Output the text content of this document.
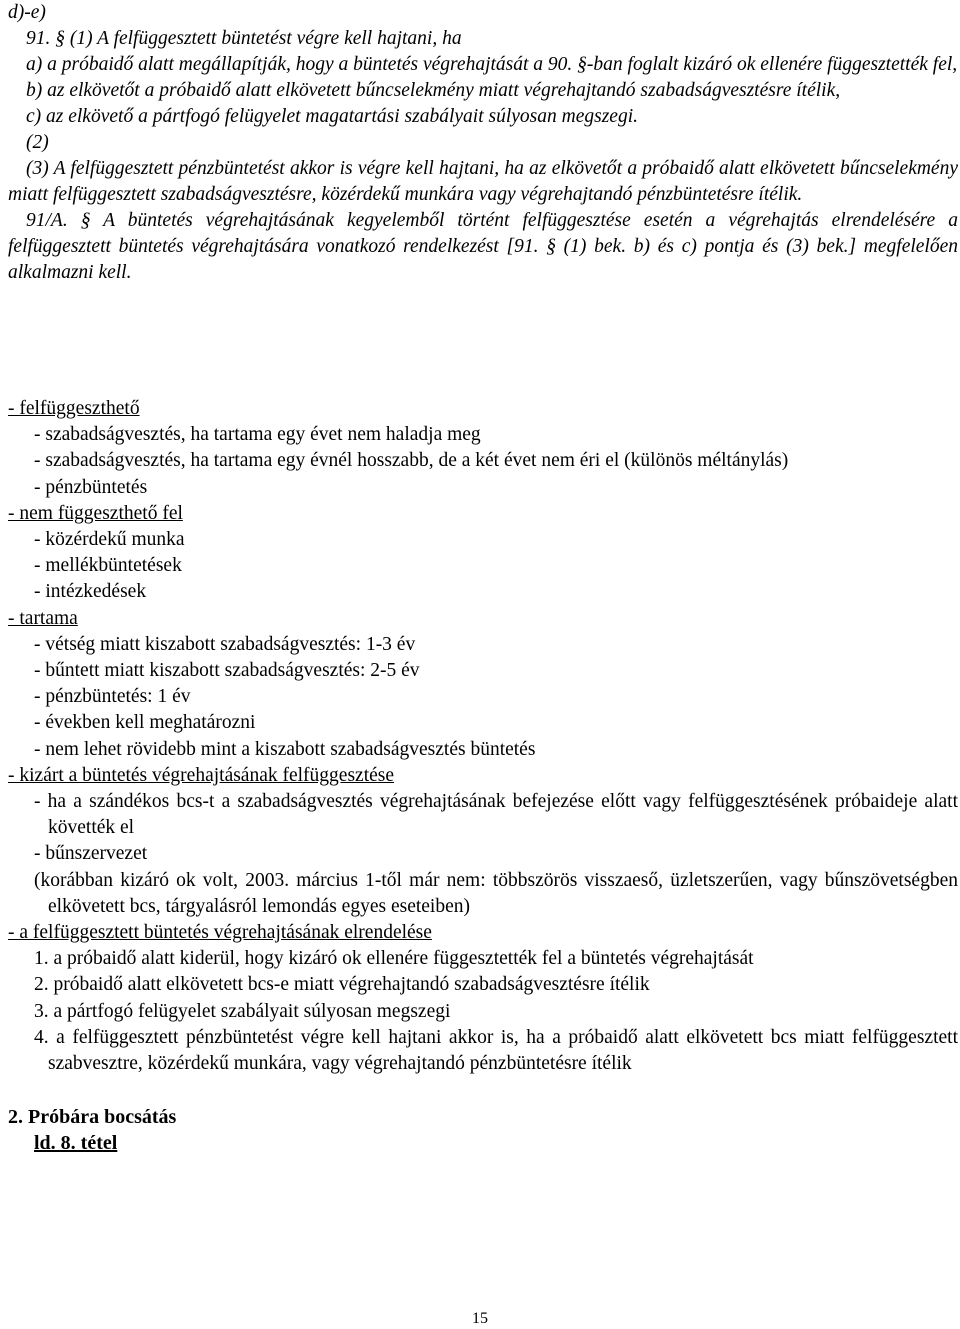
d)-e)

91. § (1) A felfüggesztett büntetést végre kell hajtani, ha

a) a próbaidő alatt megállapítják, hogy a büntetés végrehajtását a 90. §-ban foglalt kizáró ok ellenére függesztették fel,

b) az elkövetőt a próbaidő alatt elkövetett bűncselekmény miatt végrehajtandó szabadságvesztésre ítélik,

c) az elkövető a pártfogó felügyelet magatartási szabályait súlyosan megszegi.

(2)

(3) A felfüggesztett pénzbüntetést akkor is végre kell hajtani, ha az elkövetőt a próbaidő alatt elkövetett bűncselekmény miatt felfüggesztett szabadságvesztésre, közérdekű munkára vagy végrehajtandó pénzbüntetésre ítélik.

91/A. § A büntetés végrehajtásának kegyelemből történt felfüggesztése esetén a végrehajtás elrendelésére a felfüggesztett büntetés végrehajtására vonatkozó rendelkezést [91. § (1) bek. b) és c) pontja és (3) bek.] megfelelően alkalmazni kell.

- felfüggeszthető
- szabadságvesztés, ha tartama egy évet nem haladja meg
- szabadságvesztés, ha tartama egy évnél hosszabb, de a két évet nem éri el (különös méltánylás)
- pénzbüntetés
- nem függeszthető fel
- közérdekű munka
- mellékbüntetések
- intézkedések
- tartama
- vétség miatt kiszabott szabadságvesztés: 1-3 év
- bűntett miatt kiszabott szabadságvesztés: 2-5 év
- pénzbüntetés: 1 év
- években kell meghatározni
- nem lehet rövidebb mint a kiszabott szabadságvesztés büntetés
- kizárt a büntetés végrehajtásának felfüggesztése
- ha a szándékos bcs-t a szabadságvesztés végrehajtásának befejezése előtt vagy felfüggesztésének próbaideje alatt követték el
- bűnszervezet
(korábban kizáró ok volt, 2003. március 1-től már nem: többszörös visszaeső, üzletszerűen, vagy bűnszövetségben elkövetett bcs, tárgyalásról lemondás egyes eseteiben)
- a felfüggesztett büntetés végrehajtásának elrendelése
1. a próbaidő alatt kiderül, hogy kizáró ok ellenére függesztették fel a büntetés végrehajtását
2. próbaidő alatt elkövetett bcs-e miatt végrehajtandó szabadságvesztésre ítélik
3. a pártfogó felügyelet szabályait súlyosan megszegi
4. a felfüggesztett pénzbüntetést végre kell hajtani akkor is, ha a próbaidő alatt elkövetett bcs miatt felfüggesztett szabvesztre, közérdekű munkára, vagy végrehajtandó pénzbüntetésre ítélik
2. Próbára bocsátás
ld. 8. tétel
15
